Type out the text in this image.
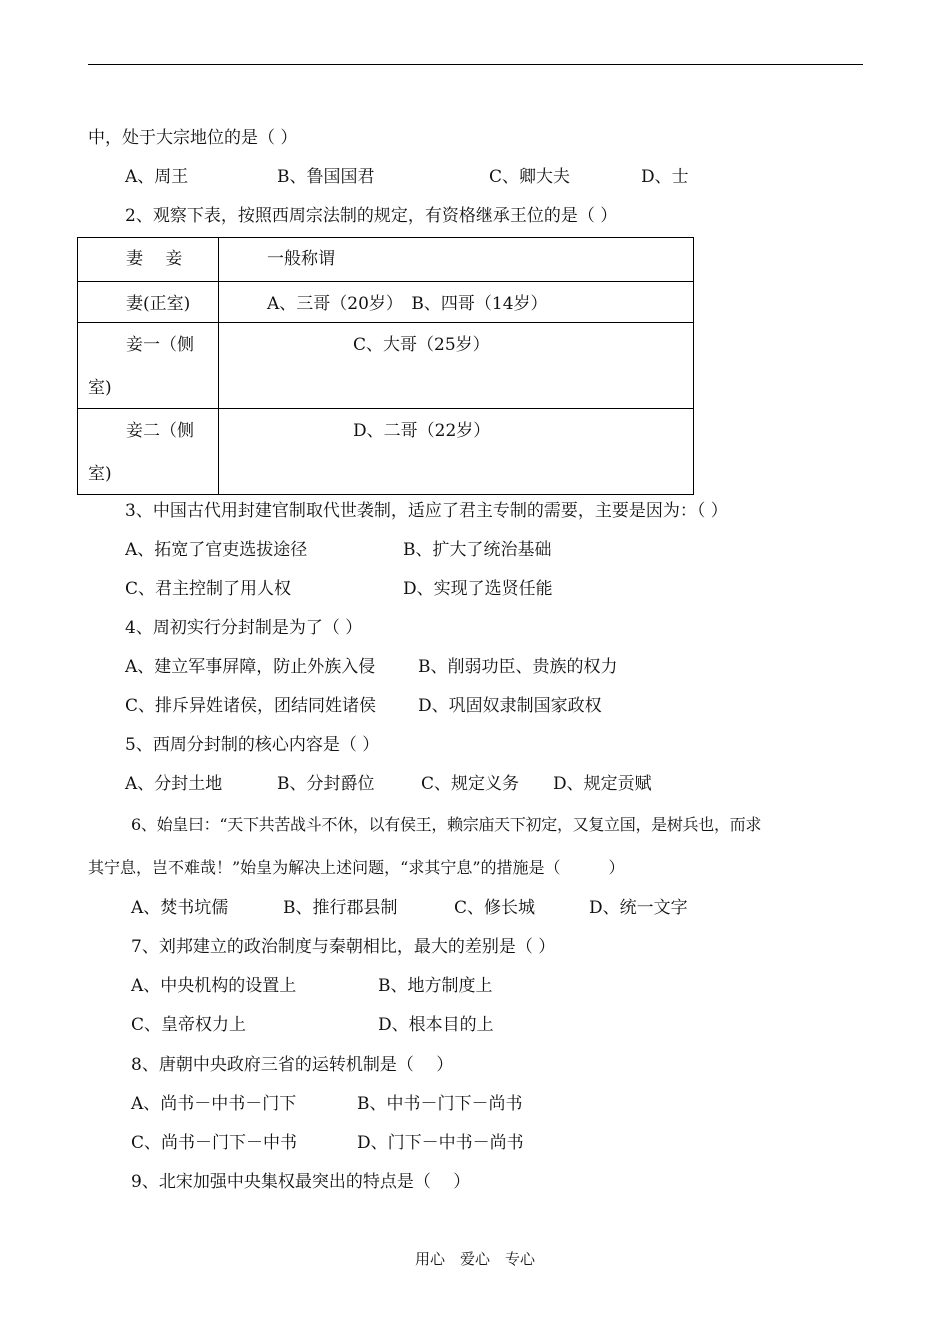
中，处于大宗地位的是（ ）
A、周王	B、鲁国国君	C、卿大夫	D、士
2、观察下表，按照西周宗法制的规定，有资格继承王位的是（ ）
妻　 妾	一般称谓

妻(正室)	A、三哥（20岁）　B、四哥（14岁）

妾一（侧
室)	C、大哥（25岁）

妾二（侧
室)	D、二哥（22岁）
3、中国古代用封建官制取代世袭制，适应了君主专制的需要，主要是因为：（ ）
A、拓宽了官吏选拔途径	B、扩大了统治基础
C、君主控制了用人权	D、实现了选贤任能
4、周初实行分封制是为了（ ）
A、建立军事屏障，防止外族入侵	B、削弱功臣、贵族的权力
C、排斥异姓诸侯，团结同姓诸侯 D、巩固奴隶制国家政权
5、西周分封制的核心内容是（ ）
A、分封土地	B、分封爵位	C、规定义务 D、规定贡赋
6、始皇曰：“天下共苦战斗不休，以有侯王，赖宗庙天下初定，又复立国，是树兵也，而求
其宁息，岂不难哉！”始皇为解决上述问题，“求其宁息”的措施是（　　　）
A、焚书坑儒	B、推行郡县制	C、修长城	D、统一文字
7、刘邦建立的政治制度与秦朝相比，最大的差别是（ ）
A、中央机构的设置上	B、地方制度上
C、皇帝权力上	D、根本目的上
8、唐朝中央政府三省的运转机制是（　 ）
A、尚书－中书－门下	B、中书－门下－尚书
C、尚书－门下－中书	D、门下－中书－尚书
9、北宋加强中央集权最突出的特点是（　 ）
用心　爱心　专心
